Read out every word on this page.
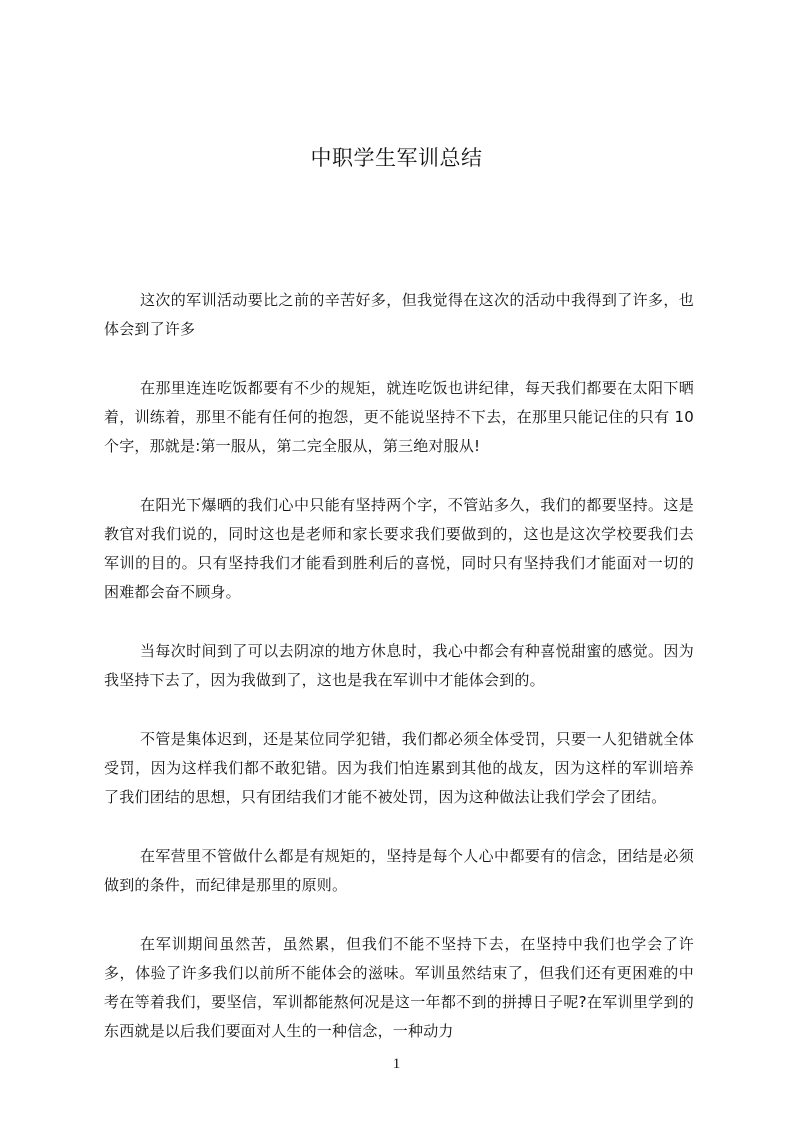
中职学生军训总结

这次的军训活动要比之前的辛苦好多，但我觉得在这次的活动中我得到了许多，也体会到了许多

在那里连连吃饭都要有不少的规矩，就连吃饭也讲纪律，每天我们都要在太阳下晒着，训练着，那里不能有任何的抱怨，更不能说坚持不下去，在那里只能记住的只有 10 个字，那就是:第一服从，第二完全服从，第三绝对服从!

在阳光下爆晒的我们心中只能有坚持两个字，不管站多久，我们的都要坚持。这是教官对我们说的，同时这也是老师和家长要求我们要做到的，这也是这次学校要我们去军训的目的。只有坚持我们才能看到胜利后的喜悦，同时只有坚持我们才能面对一切的困难都会奋不顾身。

当每次时间到了可以去阴凉的地方休息时，我心中都会有种喜悦甜蜜的感觉。因为我坚持下去了，因为我做到了，这也是我在军训中才能体会到的。

不管是集体迟到，还是某位同学犯错，我们都必须全体受罚，只要一人犯错就全体受罚，因为这样我们都不敢犯错。因为我们怕连累到其他的战友，因为这样的军训培养了我们团结的思想，只有团结我们才能不被处罚，因为这种做法让我们学会了团结。

在军营里不管做什么都是有规矩的，坚持是每个人心中都要有的信念，团结是必须做到的条件，而纪律是那里的原则。

在军训期间虽然苦，虽然累，但我们不能不坚持下去，在坚持中我们也学会了许多，体验了许多我们以前所不能体会的滋味。军训虽然结束了，但我们还有更困难的中考在等着我们，要坚信，军训都能熬何况是这一年都不到的拼搏日子呢?在军训里学到的东西就是以后我们要面对人生的一种信念，一种动力

1
